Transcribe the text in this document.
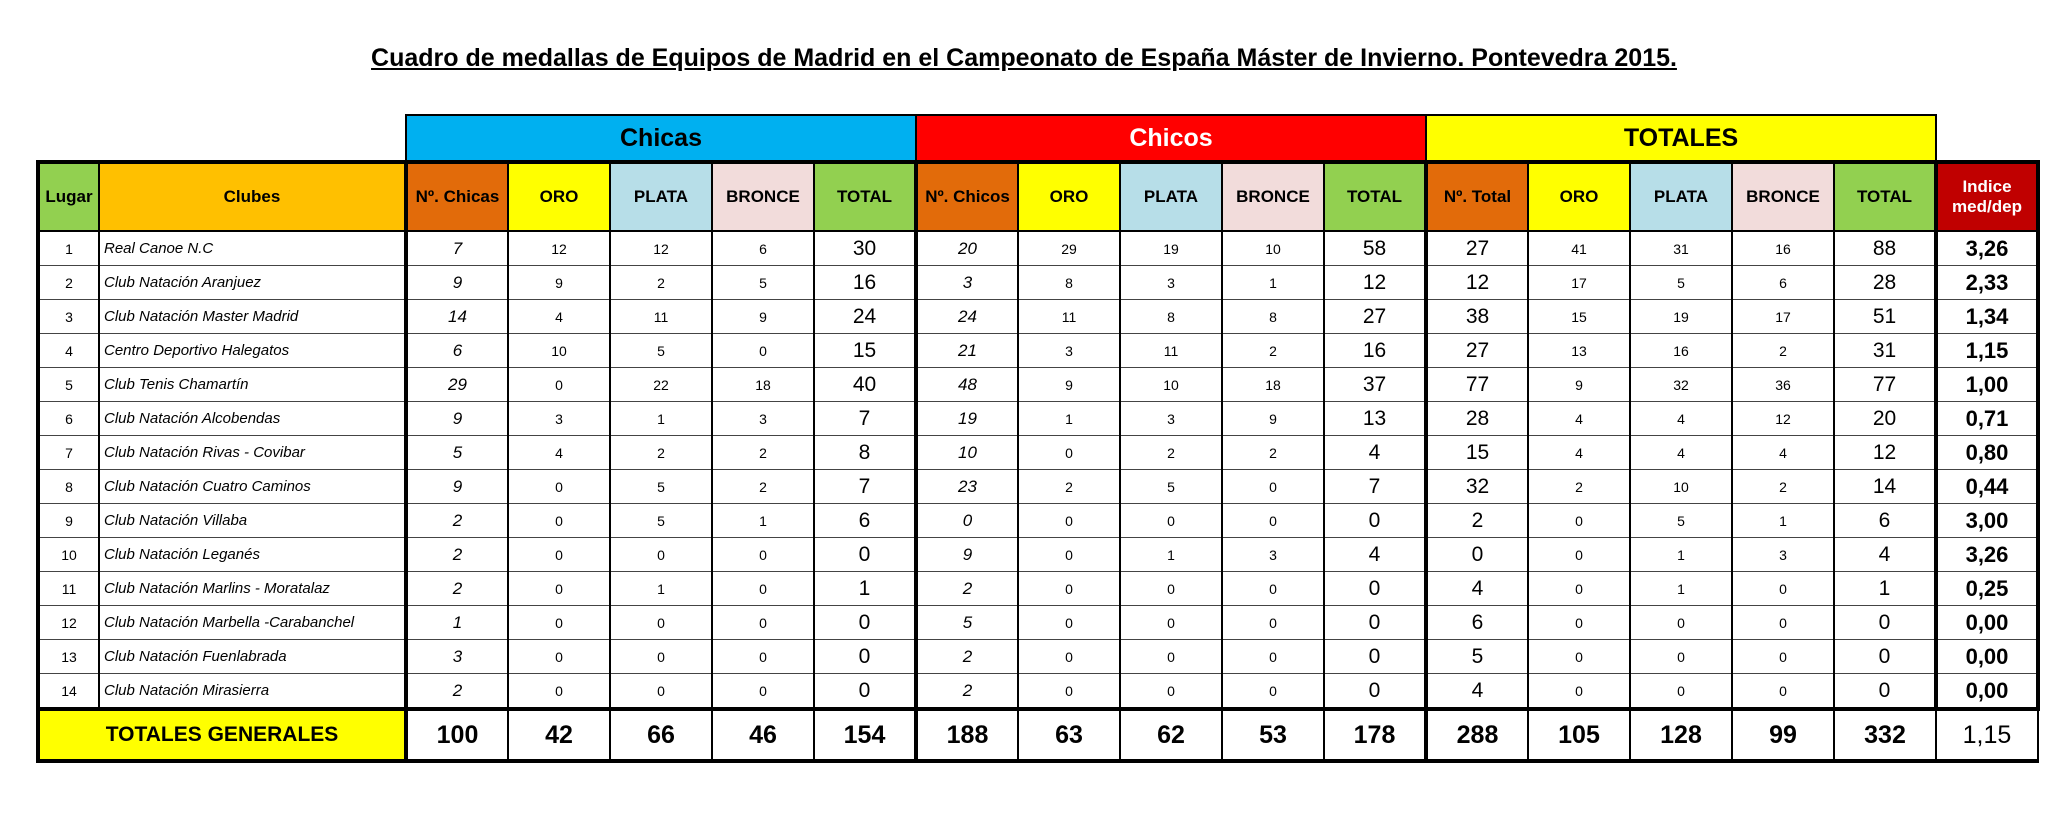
Cuadro de medallas de Equipos de Madrid en el Campeonato de España Máster de Invierno. Pontevedra 2015.
		Chicas					Chicos					TOTALES					
Lugar	Clubes	Nº. Chicas	ORO	PLATA	BRONCE	TOTAL	Nº. Chicos	ORO	PLATA	BRONCE	TOTAL	Nº. Total	ORO	PLATA	BRONCE	TOTAL	Indice med/dep
1	Real Canoe N.C	7	12	12	6	30	20	29	19	10	58	27	41	31	16	88	3,26
2	Club Natación Aranjuez	9	9	2	5	16	3	8	3	1	12	12	17	5	6	28	2,33
3	Club Natación Master Madrid	14	4	11	9	24	24	11	8	8	27	38	15	19	17	51	1,34
4	Centro Deportivo Halegatos	6	10	5	0	15	21	3	11	2	16	27	13	16	2	31	1,15
5	Club Tenis Chamartín	29	0	22	18	40	48	9	10	18	37	77	9	32	36	77	1,00
6	Club Natación Alcobendas	9	3	1	3	7	19	1	3	9	13	28	4	4	12	20	0,71
7	Club Natación Rivas - Covibar	5	4	2	2	8	10	0	2	2	4	15	4	4	4	12	0,80
8	Club Natación Cuatro Caminos	9	0	5	2	7	23	2	5	0	7	32	2	10	2	14	0,44
9	Club Natación Villaba	2	0	5	1	6	0	0	0	0	0	2	0	5	1	6	3,00
10	Club Natación Leganés	2	0	0	0	0	9	0	1	3	4	0	0	1	3	4	3,26
11	Club Natación Marlins - Moratalaz	2	0	1	0	1	2	0	0	0	0	4	0	1	0	1	0,25
12	Club Natación Marbella -Carabanchel	1	0	0	0	0	5	0	0	0	0	6	0	0	0	0	0,00
13	Club Natación Fuenlabrada	3	0	0	0	0	2	0	0	0	0	5	0	0	0	0	0,00
14	Club Natación Mirasierra	2	0	0	0	0	2	0	0	0	0	4	0	0	0	0	0,00
TOTALES GENERALES		100	42	66	46	154	188	63	62	53	178	288	105	128	99	332	1,15
